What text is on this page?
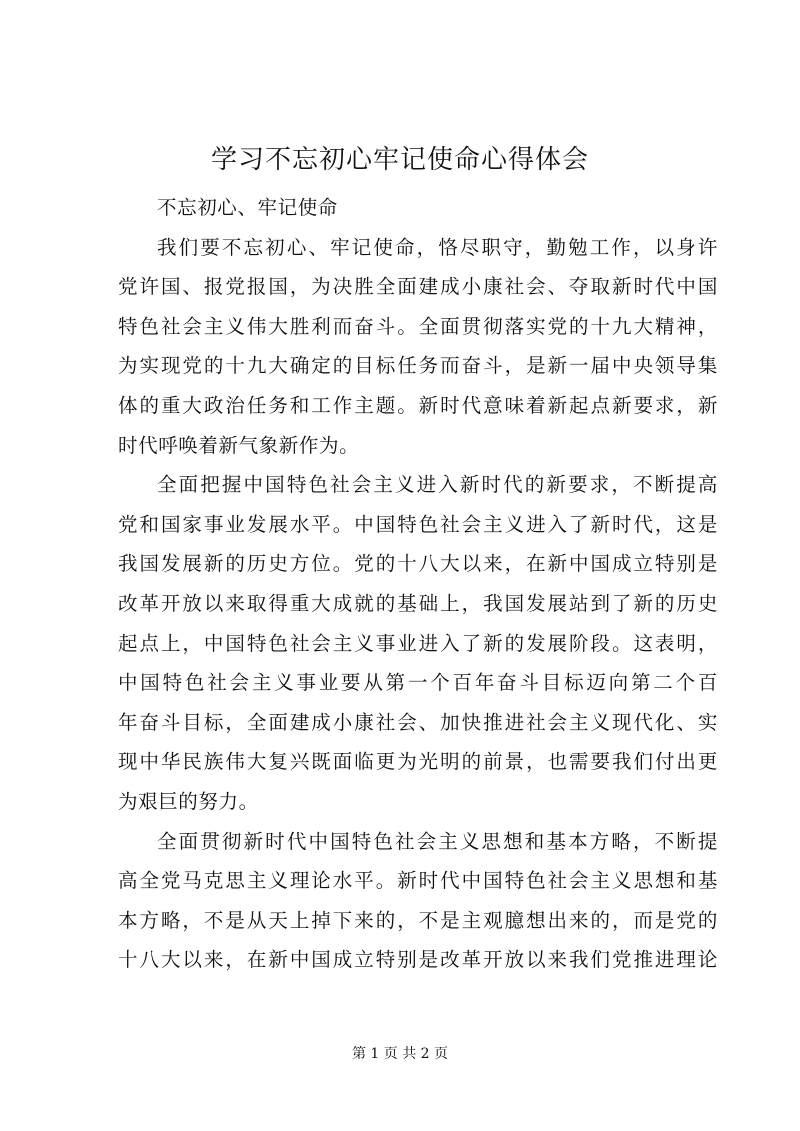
学习不忘初心牢记使命心得体会
不忘初心、牢记使命
我们要不忘初心、牢记使命，恪尽职守，勤勉工作，以身许
党许国、报党报国，为决胜全面建成小康社会、夺取新时代中国
特色社会主义伟大胜利而奋斗。全面贯彻落实党的十九大精神，
为实现党的十九大确定的目标任务而奋斗，是新一届中央领导集
体的重大政治任务和工作主题。新时代意味着新起点新要求，新
时代呼唤着新气象新作为。
全面把握中国特色社会主义进入新时代的新要求，不断提高
党和国家事业发展水平。中国特色社会主义进入了新时代，这是
我国发展新的历史方位。党的十八大以来，在新中国成立特别是
改革开放以来取得重大成就的基础上，我国发展站到了新的历史
起点上，中国特色社会主义事业进入了新的发展阶段。这表明，
中国特色社会主义事业要从第一个百年奋斗目标迈向第二个百
年奋斗目标，全面建成小康社会、加快推进社会主义现代化、实
现中华民族伟大复兴既面临更为光明的前景，也需要我们付出更
为艰巨的努力。
全面贯彻新时代中国特色社会主义思想和基本方略，不断提
高全党马克思主义理论水平。新时代中国特色社会主义思想和基
本方略，不是从天上掉下来的，不是主观臆想出来的，而是党的
十八大以来，在新中国成立特别是改革开放以来我们党推进理论
第 1 页 共 2 页
